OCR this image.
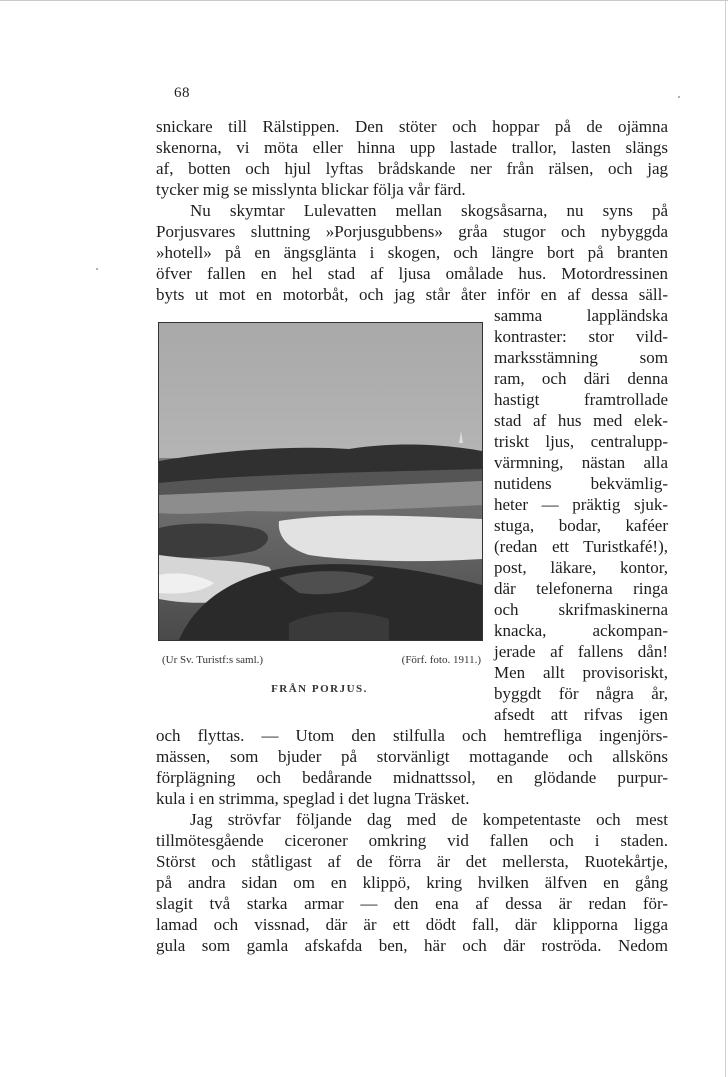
68
snickare till Rälstippen. Den stöter och hoppar på de ojämna
skenorna, vi möta eller hinna upp lastade trallor, lasten slängs
af, botten och hjul lyftas brådskande ner från rälsen, och jag
tycker mig se misslynta blickar följa vår färd.
Nu skymtar Lulevatten mellan skogsåsarna, nu syns på
Porjusvares sluttning »Porjusgubbens» gråa stugor och nybyggda
»hotell» på en ängsglänta i skogen, och längre bort på branten
öfver fallen en hel stad af ljusa omålade hus. Motordressinen
byts ut mot en motorbåt, och jag står åter inför en af dessa säll-
samma lappländska
kontraster: stor vild-
marksstämning som
ram, och däri denna
hastigt framtrollade
stad af hus med elek-
triskt ljus, centralupp-
värmning, nästan alla
nutidens bekvämlig-
heter — präktig sjuk-
stuga, bodar, kaféer
(redan ett Turistkafé!),
post, läkare, kontor,
där telefonerna ringa
och skrifmaskinerna
knacka, ackompan-
jerade af fallens dån!
Men allt provisoriskt,
byggdt för några år,
afsedt att rifvas igen
(Ur Sv. Turistf:s saml.)	(Förf. foto. 1911.)
FRÅN PORJUS.
och flyttas. — Utom den stilfulla och hemtrefliga ingenjörs-
mässen, som bjuder på storvänligt mottagande och allsköns
förplägning och bedårande midnattssol, en glödande purpur-
kula i en strimma, speglad i det lugna Träsket.
Jag strövfar följande dag med de kompetentaste och mest
tillmötesgående ciceroner omkring vid fallen och i staden.
Störst och ståtligast af de förra är det mellersta, Ruotekårtje,
på andra sidan om en klippö, kring hvilken älfven en gång
slagit två starka armar — den ena af dessa är redan för-
lamad och vissnad, där är ett dödt fall, där klipporna ligga
gula som gamla afskafda ben, här och där roströda. Nedom
